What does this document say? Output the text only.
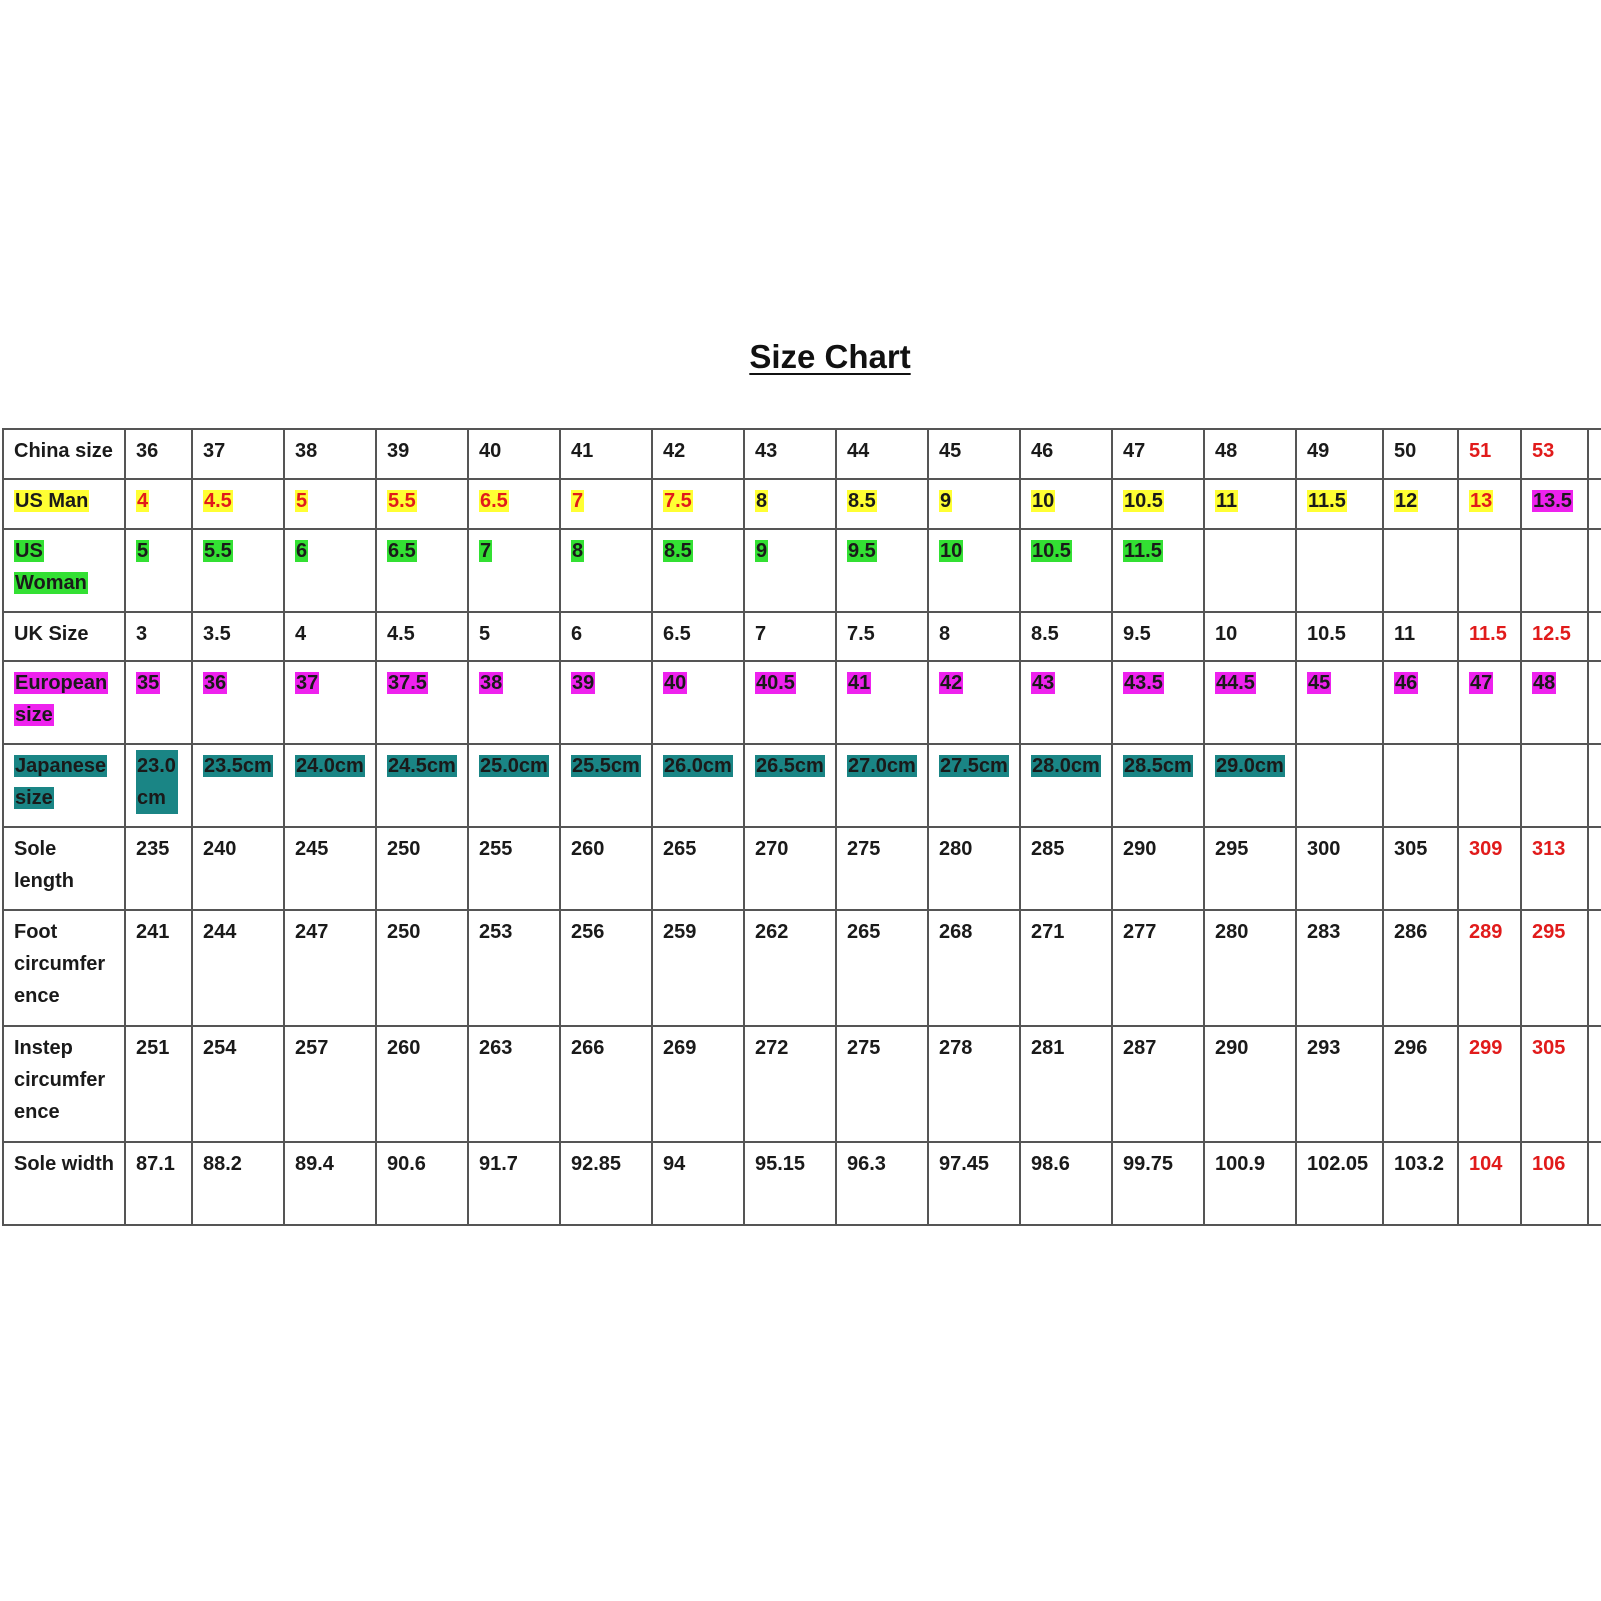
Size Chart
China size	36	37	38	39	40	41	42	43	44	45	46	47	48	49	50	51	53	
US Man	4	4.5	5	5.5	6.5	7	7.5	8	8.5	9	10	10.5	11	11.5	12	13	13.5	
US Woman	5	5.5	6	6.5	7	8	8.5	9	9.5	10	10.5	11.5						
UK Size	3	3.5	4	4.5	5	6	6.5	7	7.5	8	8.5	9.5	10	10.5	11	11.5	12.5	
European size	35	36	37	37.5	38	39	40	40.5	41	42	43	43.5	44.5	45	46	47	48	
Japanese size	23.0 cm	23.5cm	24.0cm	24.5cm	25.0cm	25.5cm	26.0cm	26.5cm	27.0cm	27.5cm	28.0cm	28.5cm	29.0cm					
Sole length	235	240	245	250	255	260	265	270	275	280	285	290	295	300	305	309	313	
Foot circumfer ence	241	244	247	250	253	256	259	262	265	268	271	277	280	283	286	289	295	
Instep circumfer ence	251	254	257	260	263	266	269	272	275	278	281	287	290	293	296	299	305	
Sole width	87.1	88.2	89.4	90.6	91.7	92.85	94	95.15	96.3	97.45	98.6	99.75	100.9	102.05	103.2	104	106	
